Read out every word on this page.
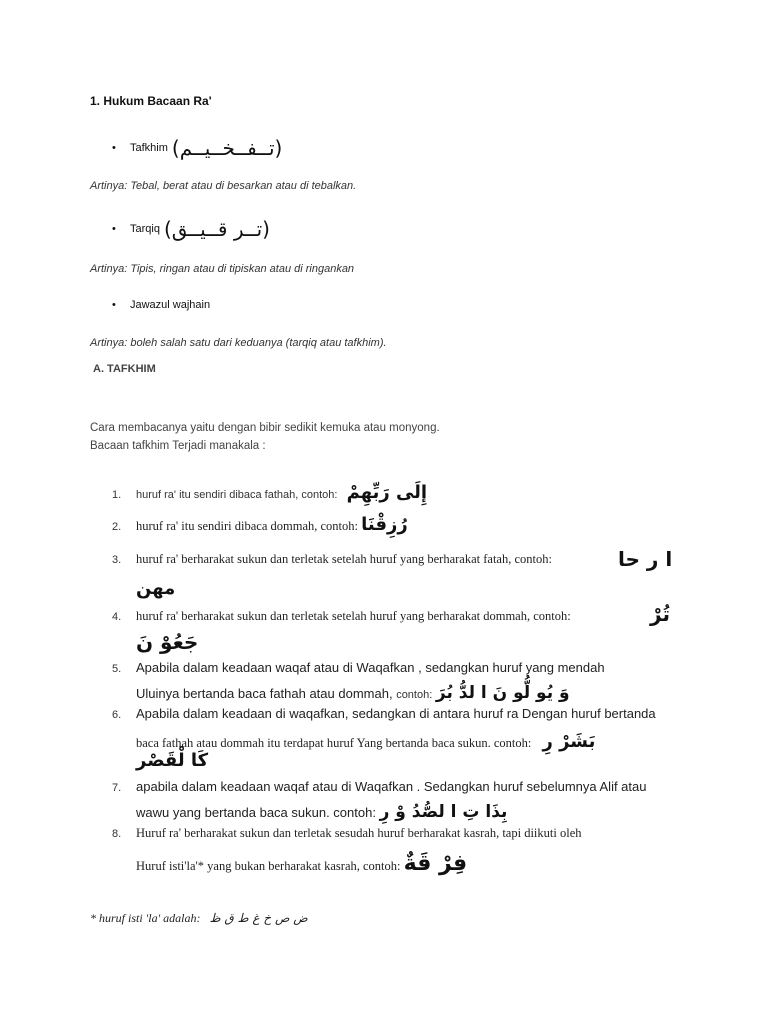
1. Hukum Bacaan Ra'
•	Tafkhim (تــفــخــيــم)
Artinya: Tebal, berat atau di besarkan atau di tebalkan.
•	Tarqiq (تــر قــيــق)
Artinya: Tipis, ringan atau di tipiskan atau di ringankan
•	Jawazul wajhain
Artinya: boleh salah satu dari keduanya (tarqiq atau tafkhim).
A. TAFKHIM
Cara membacanya yaitu dengan bibir sedikit kemuka atau monyong.
Bacaan tafkhim Terjadi manakala :
1. huruf ra' itu sendiri dibaca fathah, contoh: إِلَى رَبِّهِمْ
2. huruf ra' itu sendiri dibaca dommah, contoh: رُزِقْنَا
3. huruf ra' berharakat sukun dan terletak setelah huruf yang berharakat fatah, contoh:	ا ر حا
مهن
4. huruf ra' berharakat sukun dan terletak setelah huruf yang berharakat dommah, contoh:	تُرْ
جَعُوْ نَ
5. Apabila dalam keadaan waqaf atau di Waqafkan , sedangkan huruf yang mendah
Uluinya bertanda baca fathah atau dommah, contoh: وَ يُو لُّو نَ ا لدُّ بُرَ
6. Apabila dalam keadaan di waqafkan, sedangkan di antara huruf ra Dengan huruf bertanda
baca fathah atau dommah itu terdapat huruf Yang bertanda baca sukun. contoh: بَشَرْ رِ
كَا لْقَصْر
7. apabila dalam keadaan waqaf atau di Waqafkan . Sedangkan huruf sebelumnya Alif atau
wawu yang bertanda baca sukun. contoh: بِذَا تِ ا لصُّدُ وْ رِ
8. Huruf ra' berharakat sukun dan terletak sesudah huruf berharakat kasrah, tapi diikuti oleh
Huruf isti'la'* yang bukan berharakat kasrah, contoh: فِرْ قَةٌ
* huruf isti 'la' adalah: ض ص خ غ ط ق ظ
